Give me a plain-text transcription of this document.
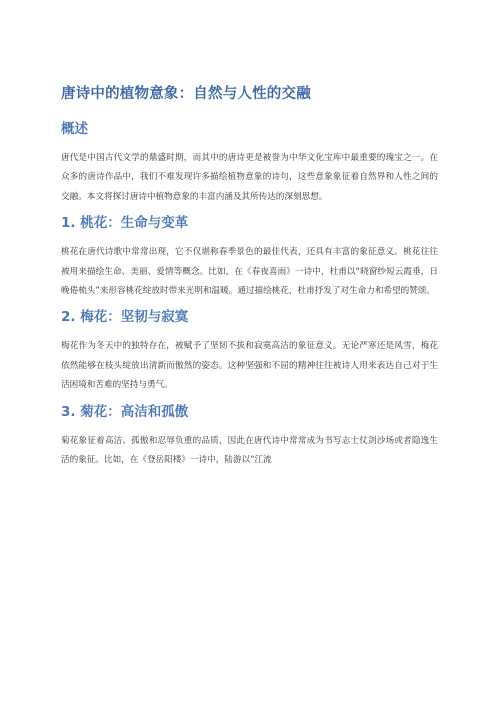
唐诗中的植物意象：自然与人性的交融
概述

唐代是中国古代文学的鼎盛时期，而其中的唐诗更是被誉为中华文化宝库中最重要的瑰宝之一。在众多的唐诗作品中，我们不难发现许多描绘植物意象的诗句，这些意象象征着自然界和人性之间的交融。本文将探讨唐诗中植物意象的丰富内涵及其所传达的深刻思想。

1. 桃花：生命与变革

桃花在唐代诗歌中常常出现，它不仅堪称春季景色的最佳代表，还具有丰富的象征意义。桃花往往被用来描绘生命、美丽、爱情等概念。比如，在《春夜喜雨》一诗中，杜甫以“晓窗纱短云霞垂，日晚倦梳头”来形容桃花绽放时带来光明和温暖。通过描绘桃花，杜甫抒发了对生命力和希望的赞颂。

2. 梅花：坚韧与寂寞

梅花作为冬天中的独特存在，被赋予了坚韧不拔和寂寞高洁的象征意义。无论严寒还是风雪，梅花依然能够在枝头绽放出清新而傲然的姿态。这种坚强和不屈的精神往往被诗人用来表达自己对于生活困境和苦难的坚持与勇气。

3. 菊花：高洁和孤傲

菊花象征着高洁、孤傲和忍辱负重的品质，因此在唐代诗中常常成为书写志士仗剑沙场或者隐逸生活的象征。比如，在《登岳阳楼》一诗中，陆游以“江流
